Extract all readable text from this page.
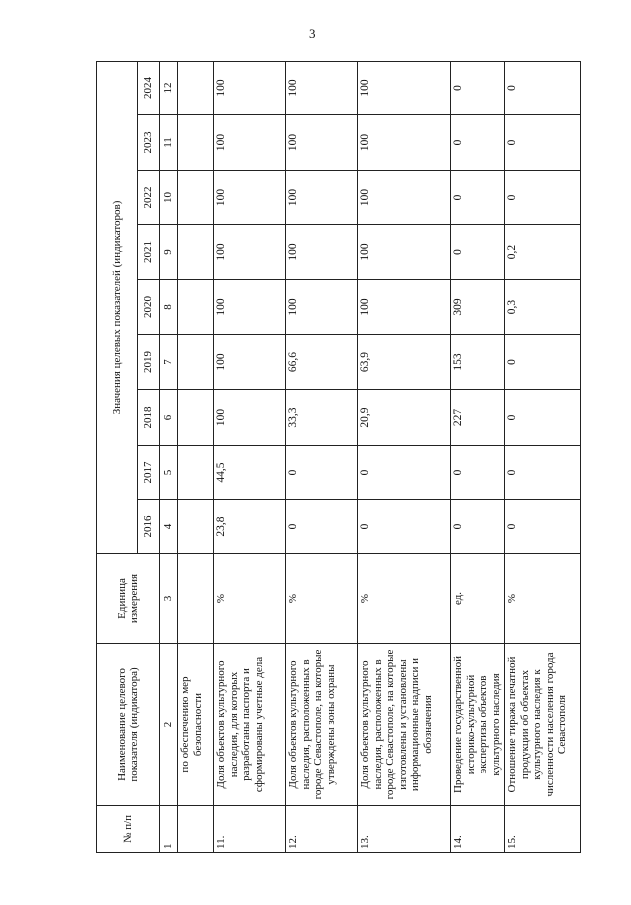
3
№ п/п	Наименование целевого показателя (индикатора)	Единица измерения	Значения целевых показателей (индикаторов)								
			2016	2017	2018	2019	2020	2021	2022	2023	2024
1	2	3	4	5	6	7	8	9	10	11	12
	по обеспечению мер безопасности										
11.	Доля объектов культурного наследия, для которых разработаны паспорта и сформированы учетные дела	%	23,8	44,5	100	100	100	100	100	100	100
12.	Доля объектов культурного наследия, расположенных в городе Севастополе, на которые утверждены зоны охраны	%	0	0	33,3	66,6	100	100	100	100	100
13.	Доля объектов культурного наследия, расположенных в городе Севастополе, на которые изготовлены и установлены информационные надписи и обозначения	%	0	0	20,9	63,9	100	100	100	100	100
14.	Проведение государственной историко-культурной экспертизы объектов культурного наследия	ед.	0	0	227	153	309	0	0	0	0
15.	Отношение тиража печатной продукции об объектах культурного наследия к численности населения города Севастополя	%	0	0	0	0	0,3	0,2	0	0	0
